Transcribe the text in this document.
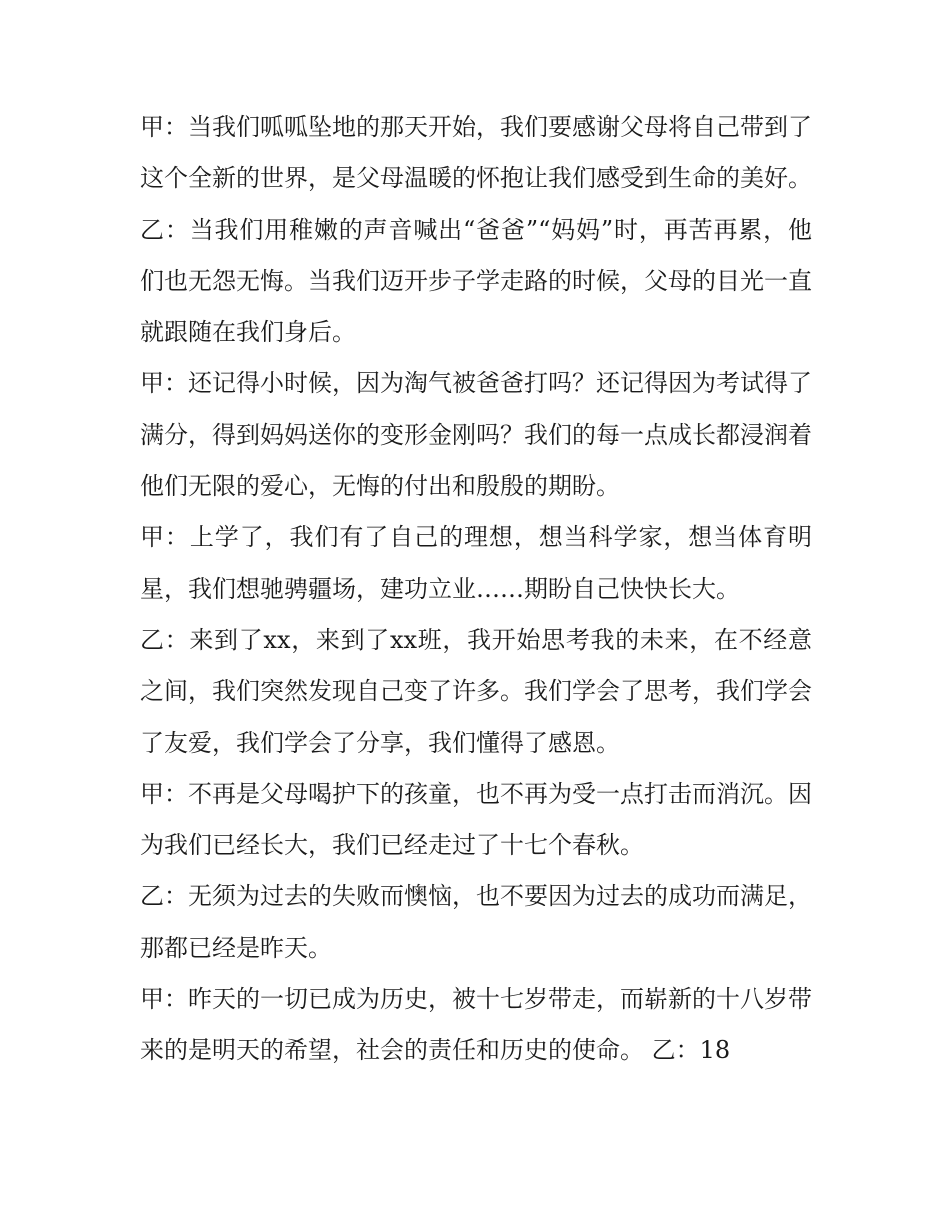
甲：当我们呱呱坠地的那天开始，我们要感谢父母将自己带到了这个全新的世界，是父母温暖的怀抱让我们感受到生命的美好。

乙：当我们用稚嫩的声音喊出“爸爸”“妈妈”时，再苦再累，他们也无怨无悔。当我们迈开步子学走路的时候，父母的目光一直就跟随在我们身后。

甲：还记得小时候，因为淘气被爸爸打吗？还记得因为考试得了满分，得到妈妈送你的变形金刚吗？我们的每一点成长都浸润着他们无限的爱心，无悔的付出和殷殷的期盼。

甲：上学了，我们有了自己的理想，想当科学家，想当体育明星，我们想驰骋疆场，建功立业……期盼自己快快长大。

乙：来到了xx，来到了xx班，我开始思考我的未来，在不经意之间，我们突然发现自己变了许多。我们学会了思考，我们学会了友爱，我们学会了分享，我们懂得了感恩。

甲：不再是父母喝护下的孩童，也不再为受一点打击而消沉。因为我们已经长大，我们已经走过了十七个春秋。

乙：无须为过去的失败而懊恼，也不要因为过去的成功而满足，那都已经是昨天。

甲：昨天的一切已成为历史，被十七岁带走，而崭新的十八岁带来的是明天的希望，社会的责任和历史的使命。 乙：18
